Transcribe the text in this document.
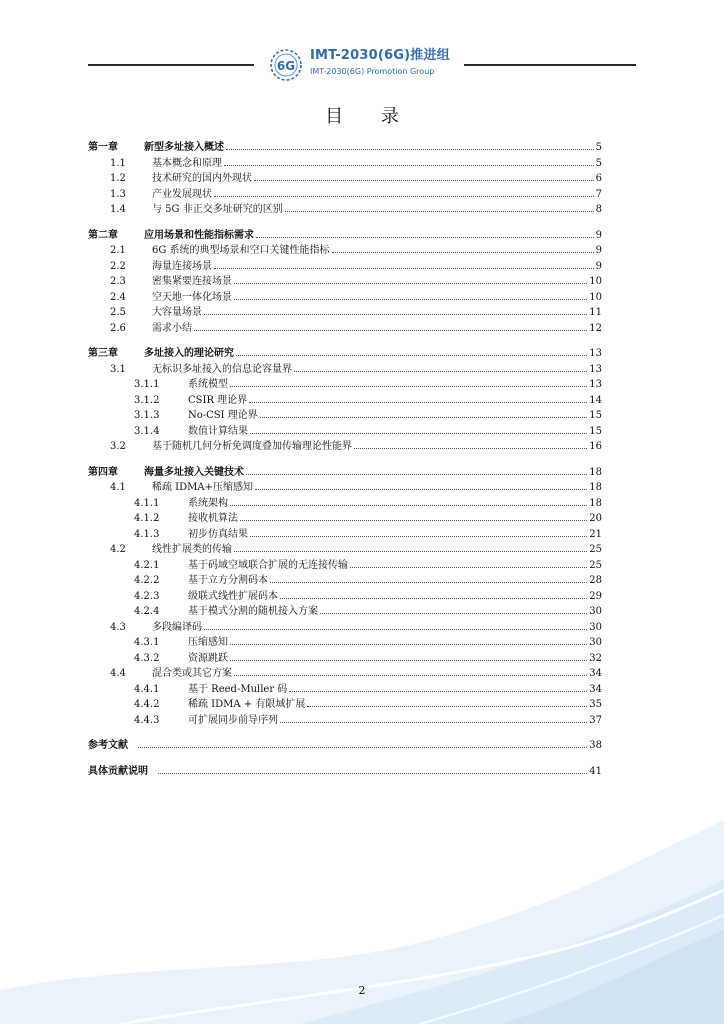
6G
IMT-2030(6G)推进组
IMT-2030(6G) Promotion Group
目 录
第一章	新型多址接入概述	5
1.1	基本概念和原理	5
1.2	技术研究的国内外现状	6
1.3	产业发展现状	7
1.4	与 5G 非正交多址研究的区别	8
第二章	应用场景和性能指标需求	9
2.1	6G 系统的典型场景和空口关键性能指标	9
2.2	海量连接场景	9
2.3	密集紧要连接场景	10
2.4	空天地一体化场景	10
2.5	大容量场景	11
2.6	需求小结	12
第三章	多址接入的理论研究	13
3.1	无标识多址接入的信息论容量界	13
3.1.1	系统模型	13
3.1.2	CSIR 理论界	14
3.1.3	No-CSI 理论界	15
3.1.4	数值计算结果	15
3.2	基于随机几何分析免调度叠加传输理论性能界	16
第四章	海量多址接入关键技术	18
4.1	稀疏 IDMA+压缩感知	18
4.1.1	系统架构	18
4.1.2	接收机算法	20
4.1.3	初步仿真结果	21
4.2	线性扩展类的传输	25
4.2.1	基于码域空域联合扩展的无连接传输	25
4.2.2	基于立方分割码本	28
4.2.3	级联式线性扩展码本	29
4.2.4	基于模式分割的随机接入方案	30
4.3	多段编译码	30
4.3.1	压缩感知	30
4.3.2	资源跳跃	32
4.4	混合类或其它方案	34
4.4.1	基于 Reed-Muller 码	34
4.4.2	稀疏 IDMA + 有限域扩展	35
4.4.3	可扩展同步前导序列	37
参考文献	38
具体贡献说明	41
2
